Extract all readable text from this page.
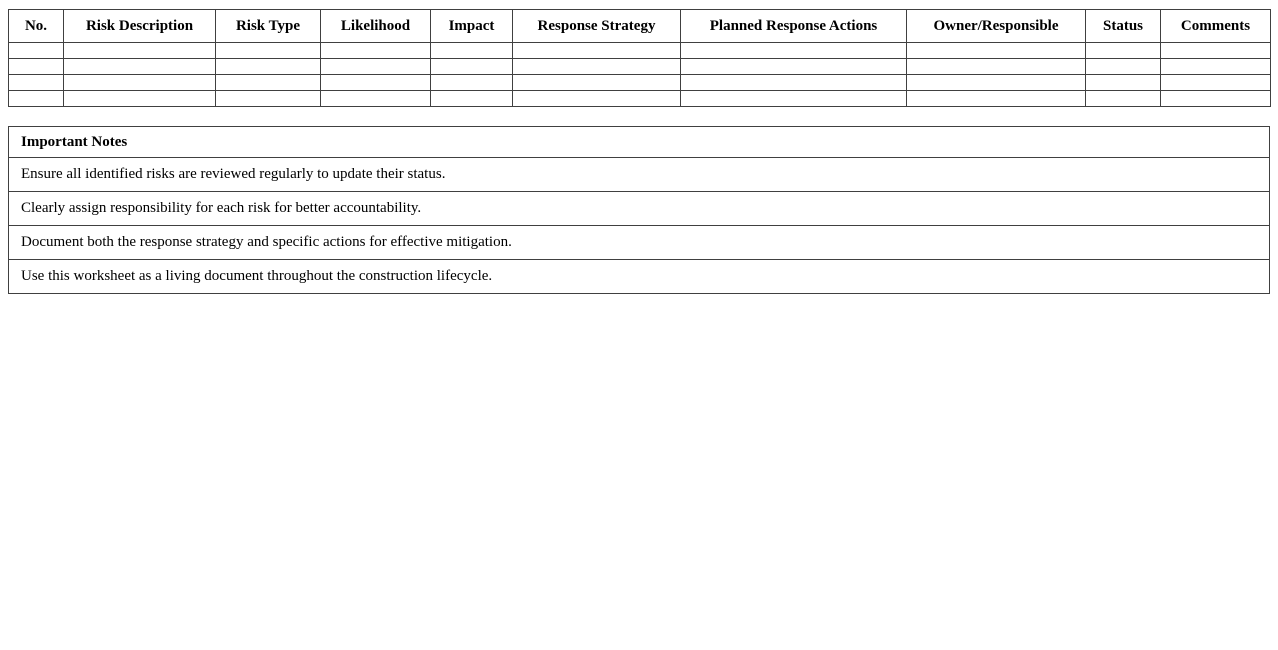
No.	Risk Description	Risk Type	Likelihood	Impact	Response Strategy	Planned Response Actions	Owner/Responsible	Status	Comments

Important Notes
Ensure all identified risks are reviewed regularly to update their status.
Clearly assign responsibility for each risk for better accountability.
Document both the response strategy and specific actions for effective mitigation.
Use this worksheet as a living document throughout the construction lifecycle.
